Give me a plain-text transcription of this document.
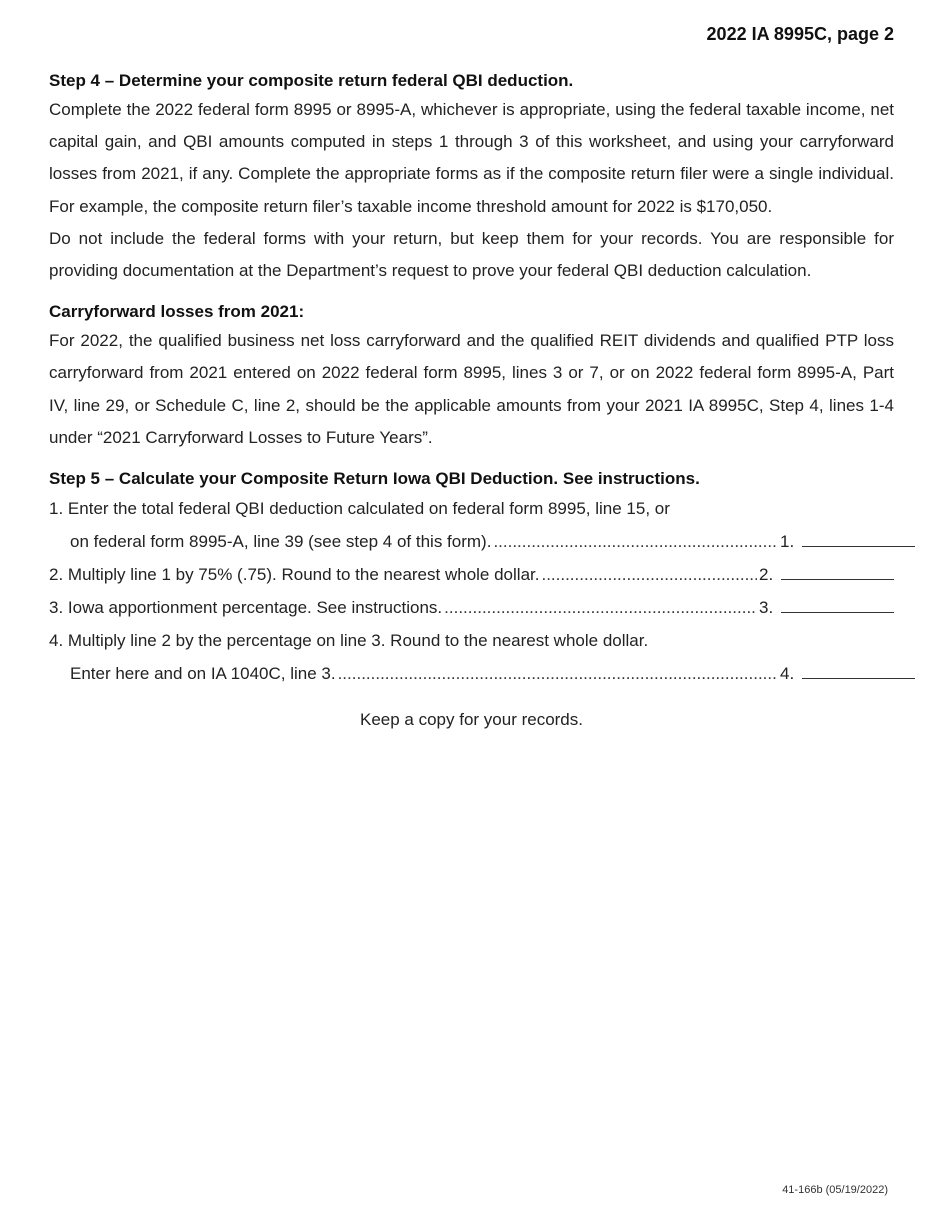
2022 IA 8995C, page 2

Step 4 – Determine your composite return federal QBI deduction.

Complete the 2022 federal form 8995 or 8995-A, whichever is appropriate, using the federal taxable income, net capital gain, and QBI amounts computed in steps 1 through 3 of this worksheet, and using your carryforward losses from 2021, if any. Complete the appropriate forms as if the composite return filer were a single individual. For example, the composite return filer’s taxable income threshold amount for 2022 is $170,050.

Do not include the federal forms with your return, but keep them for your records. You are responsible for providing documentation at the Department’s request to prove your federal QBI deduction calculation.

Carryforward losses from 2021:

For 2022, the qualified business net loss carryforward and the qualified REIT dividends and qualified PTP loss carryforward from 2021 entered on 2022 federal form 8995, lines 3 or 7, or on 2022 federal form 8995-A, Part IV, line 29, or Schedule C, line 2, should be the applicable amounts from your 2021 IA 8995C, Step 4, lines 1-4 under “2021 Carryforward Losses to Future Years”.

Step 5 – Calculate your Composite Return Iowa QBI Deduction. See instructions.

1. Enter the total federal QBI deduction calculated on federal form 8995, line 15, or
on federal form 8995-A, line 39 (see step 4 of this form). .....	1.
2. Multiply line 1 by 75% (.75). Round to the nearest whole dollar. .....	2.
3. Iowa apportionment percentage. See instructions. .....	3.
4. Multiply line 2 by the percentage on line 3. Round to the nearest whole dollar.
Enter here and on IA 1040C, line 3. .....	4.
Keep a copy for your records.
41-166b (05/19/2022)
